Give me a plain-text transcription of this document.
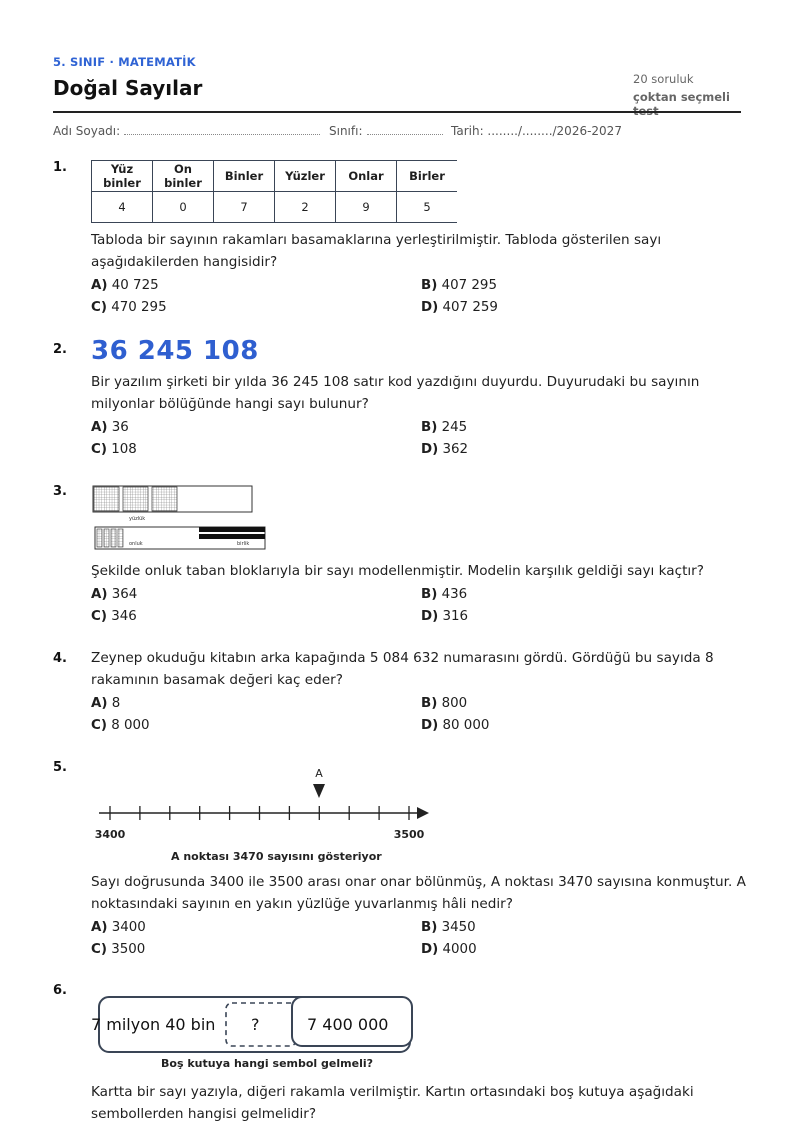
5. SINIF · MATEMATİK
Doğal Sayılar	20 soruluk
çoktan seçmeli
Adı Soyadı:	Sınıfı:	Tarih: ......../......../2026-2027
1.	Yüz binler	On binler	Binler	Yüzler	Onlar	Birler
4	0	7	2	9	5
Tabloda bir sayının rakamları basamaklarına yerleştirilmiştir. Tabloda gösterilen sayı aşağıdakilerden hangisidir?
A) 40 725	B) 407 295
C) 470 295	D) 407 259
2. 36 245 108
Bir yazılım şirketi bir yılda 36 245 108 satır kod yazdığını duyurdu. Duyurudaki bu sayının milyonlar bölüğünde hangi sayı bulunur?
A) 36	B) 245
C) 108	D) 362
3.
yüzlük
onluk	birlik
Şekilde onluk taban bloklarıyla bir sayı modellenmiştir. Modelin karşılık geldiği sayı kaçtır?
A) 364	B) 436
C) 346	D) 316
4. Zeynep okuduğu kitabın arka kapağında 5 084 632 numarasını gördü. Gördüğü bu sayıda 8 rakamının basamak değeri kaç eder?
A) 8	B) 800
C) 8 000	D) 80 000
5.	A
3400	3500
A noktası 3470 sayısını gösteriyor
Sayı doğrusunda 3400 ile 3500 arası onar onar bölünmüş, A noktası 3470 sayısına konmuştur. A noktasındaki sayının en yakın yüzlüğe yuvarlanmış hâli nedir?
A) 3400	B) 3450
C) 3500	D) 4000
6.
7 milyon 40 bin ?	7 400 000
Boş kutuya hangi sembol gelmeli?
Kartta bir sayı yazıyla, diğeri rakamla verilmiştir. Kartın ortasındaki boş kutuya aşağıdaki sembollerden hangisi gelmelidir?
